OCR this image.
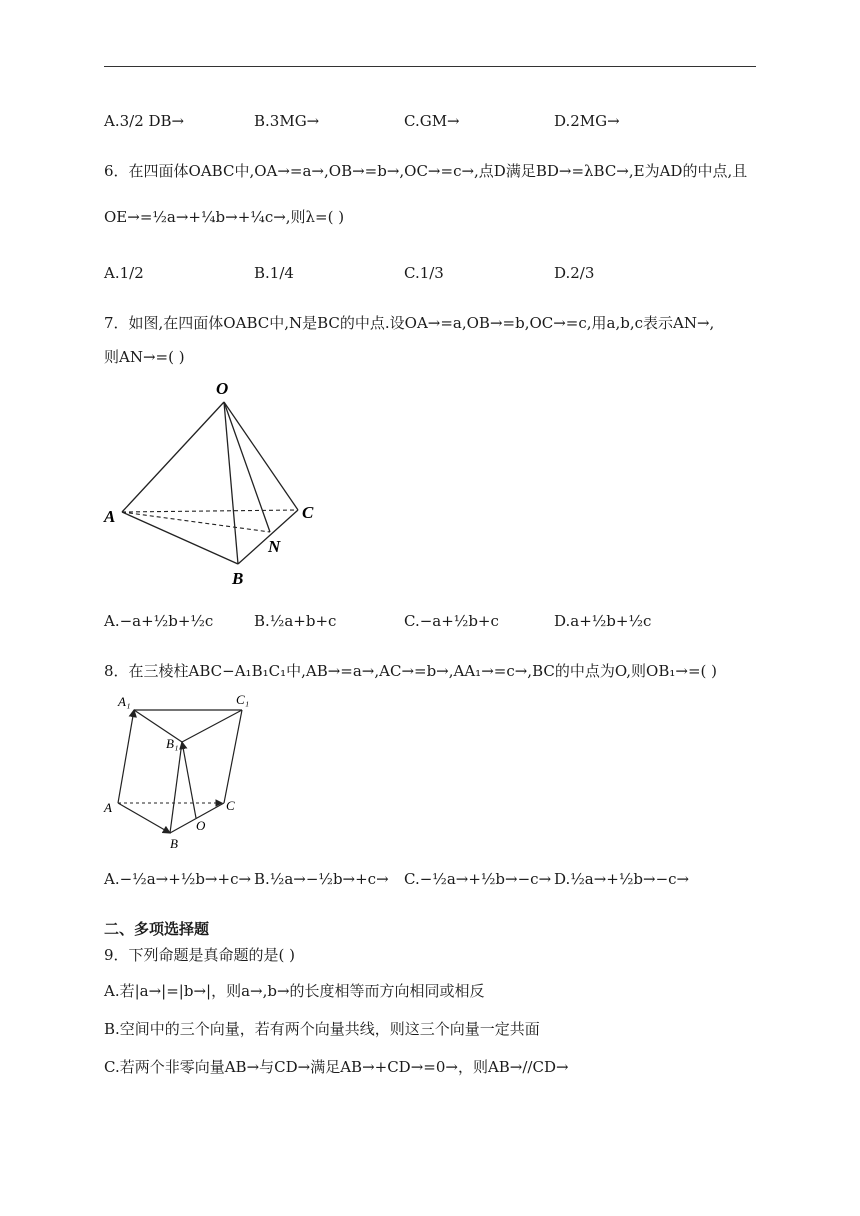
A.3/2 DB→	B.3MG→	C.GM→	D.2MG→
6．在四面体OABC中,OA→=a→,OB→=b→,OC→=c→,点D满足BD→=λBC→,E为AD的中点,且
OE→=½a→+¼b→+¼c→,则λ=( )
A.1/2	B.1/4	C.1/3	D.2/3
7．如图,在四面体OABC中,N是BC的中点.设OA→=a,OB→=b,OC→=c,用a,b,c表示AN→,
则AN→=( )
O
A
B
C
N
A.−a+½b+½c	B.½a+b+c	C.−a+½b+c	D.a+½b+½c
8．在三棱柱ABC−A₁B₁C₁中,AB→=a→,AC→=b→,AA₁→=c→,BC的中点为O,则OB₁→=( )
A₁	C₁
B₁
A	C
B
O
A.−½a→+½b→+c→ B.½a→−½b→+c→ C.−½a→+½b→−c→ D.½a→+½b→−c→
二、多项选择题
9．下列命题是真命题的是( )
A.若|a→|=|b→|，则a→,b→的长度相等而方向相同或相反
B.空间中的三个向量，若有两个向量共线，则这三个向量一定共面
C.若两个非零向量AB→与CD→满足AB→+CD→=0→，则AB→//CD→
